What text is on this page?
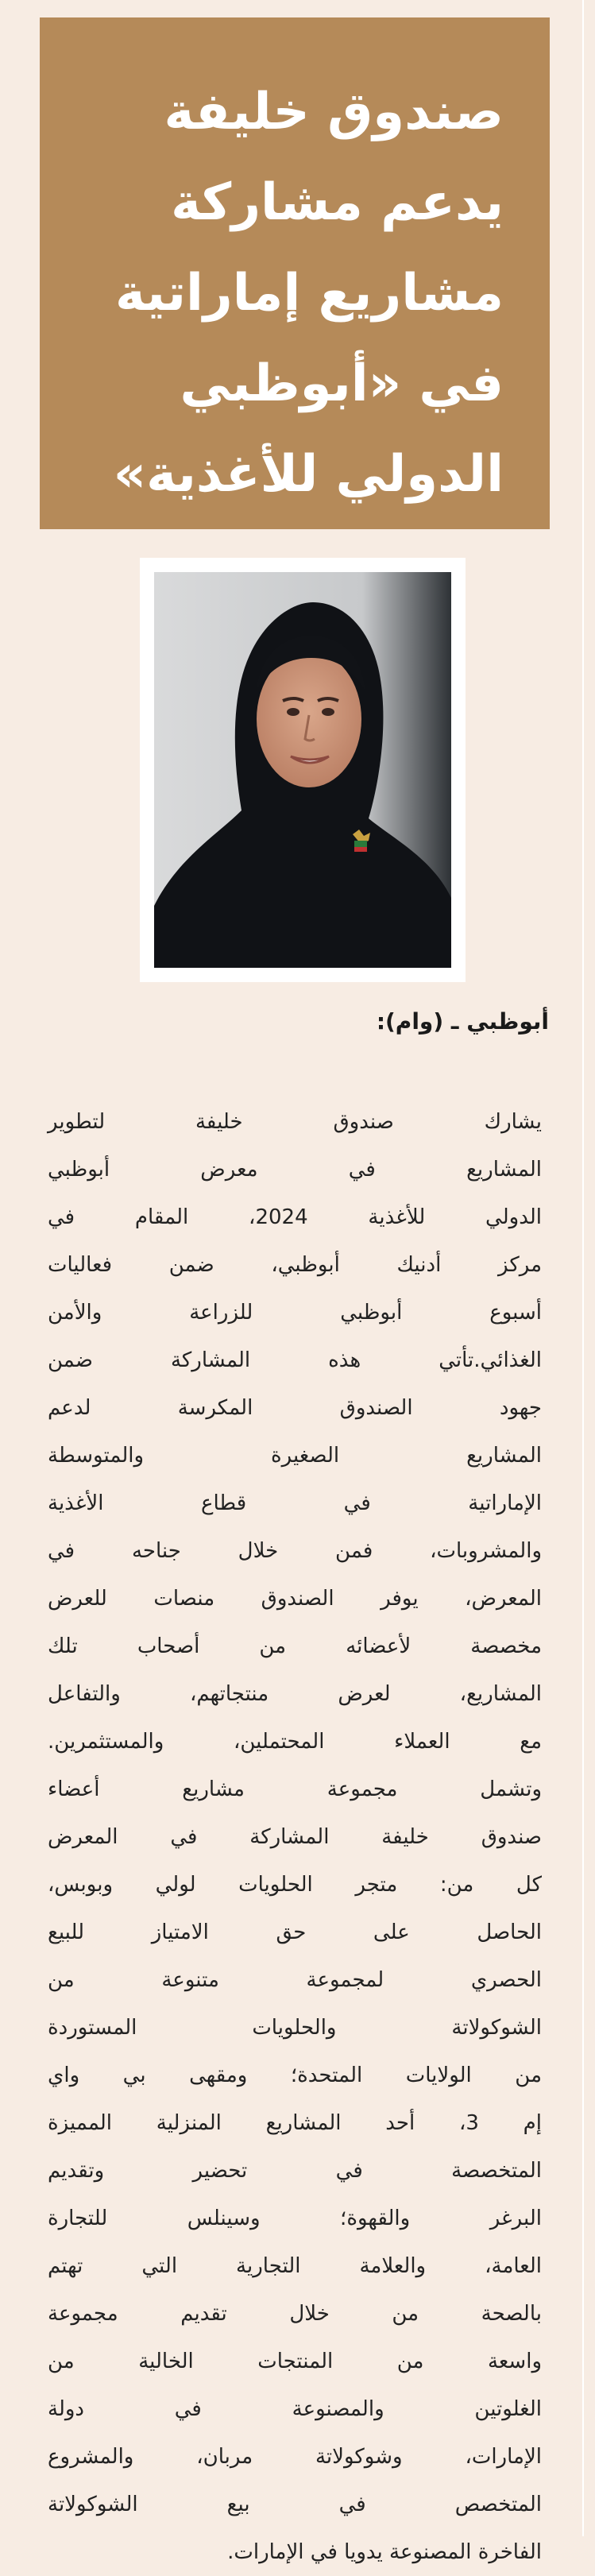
صندوق خليفة
يدعم مشاركة
مشاريع إماراتية
في «أبوظبي
الدولي للأغذية»

أبوظبي ـ (وام):

يشارك صندوق خليفة لتطوير
المشاريع في معرض أبوظبي
الدولي للأغذية 2024، المقام في
مركز أدنيك أبوظبي، ضمن فعاليات
أسبوع أبوظبي للزراعة والأمن
الغذائي.تأتي هذه المشاركة ضمن
جهود الصندوق المكرسة لدعم
المشاريع الصغيرة والمتوسطة
الإماراتية في قطاع الأغذية
والمشروبات، فمن خلال جناحه في
المعرض، يوفر الصندوق منصات للعرض
مخصصة لأعضائه من أصحاب تلك
المشاريع، لعرض منتجاتهم، والتفاعل
مع العملاء المحتملين، والمستثمرين.
وتشمل مجموعة مشاريع أعضاء
صندوق خليفة المشاركة في المعرض
كل من: متجر الحلويات لولي وبوبس،
الحاصل على حق الامتياز للبيع
الحصري لمجموعة متنوعة من
الشوكولاتة والحلويات المستوردة
من الولايات المتحدة؛ ومقهى بي واي
إم 3، أحد المشاريع المنزلية المميزة
المتخصصة في تحضير وتقديم
البرغر والقهوة؛ وسينلس للتجارة
العامة، والعلامة التجارية التي تهتم
بالصحة من خلال تقديم مجموعة
واسعة من المنتجات الخالية من
الغلوتين والمصنوعة في دولة
الإمارات، وشوكولاتة مربان، والمشروع
المتخصص في بيع الشوكولاتة
الفاخرة المصنوعة يدويا في الإمارات.
